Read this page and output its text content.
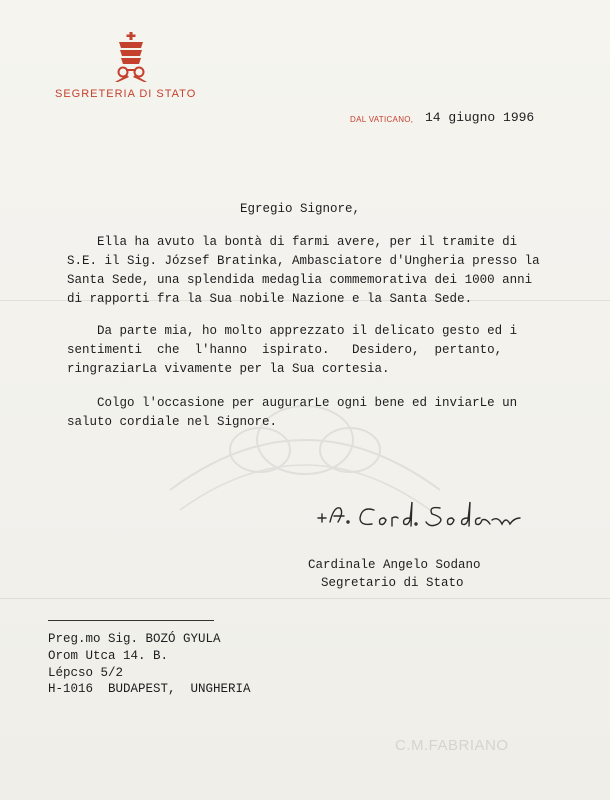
SEGRETERIA DI STATO
DAL VATICANO, 14 giugno 1996
Egregio Signore,
Ella ha avuto la bontà di farmi avere, per il tramite di
S.E. il Sig. József Bratinka, Ambasciatore d'Ungheria presso la
Santa Sede, una splendida medaglia commemorativa dei 1000 anni
di rapporti fra la Sua nobile Nazione e la Santa Sede.
Da parte mia, ho molto apprezzato il delicato gesto ed i
sentimenti  che  l'hanno  ispirato.   Desidero,  pertanto,
ringraziarLa vivamente per la Sua cortesia.
Colgo l'occasione per augurarLe ogni bene ed inviarLe un
saluto cordiale nel Signore.
Cardinale Angelo Sodano
Segretario di Stato
Preg.mo Sig. BOZÓ GYULA
Orom Utca 14. B.
Lépcso 5/2
H-1016  BUDAPEST,  UNGHERIA
C.M.FABRIANO
